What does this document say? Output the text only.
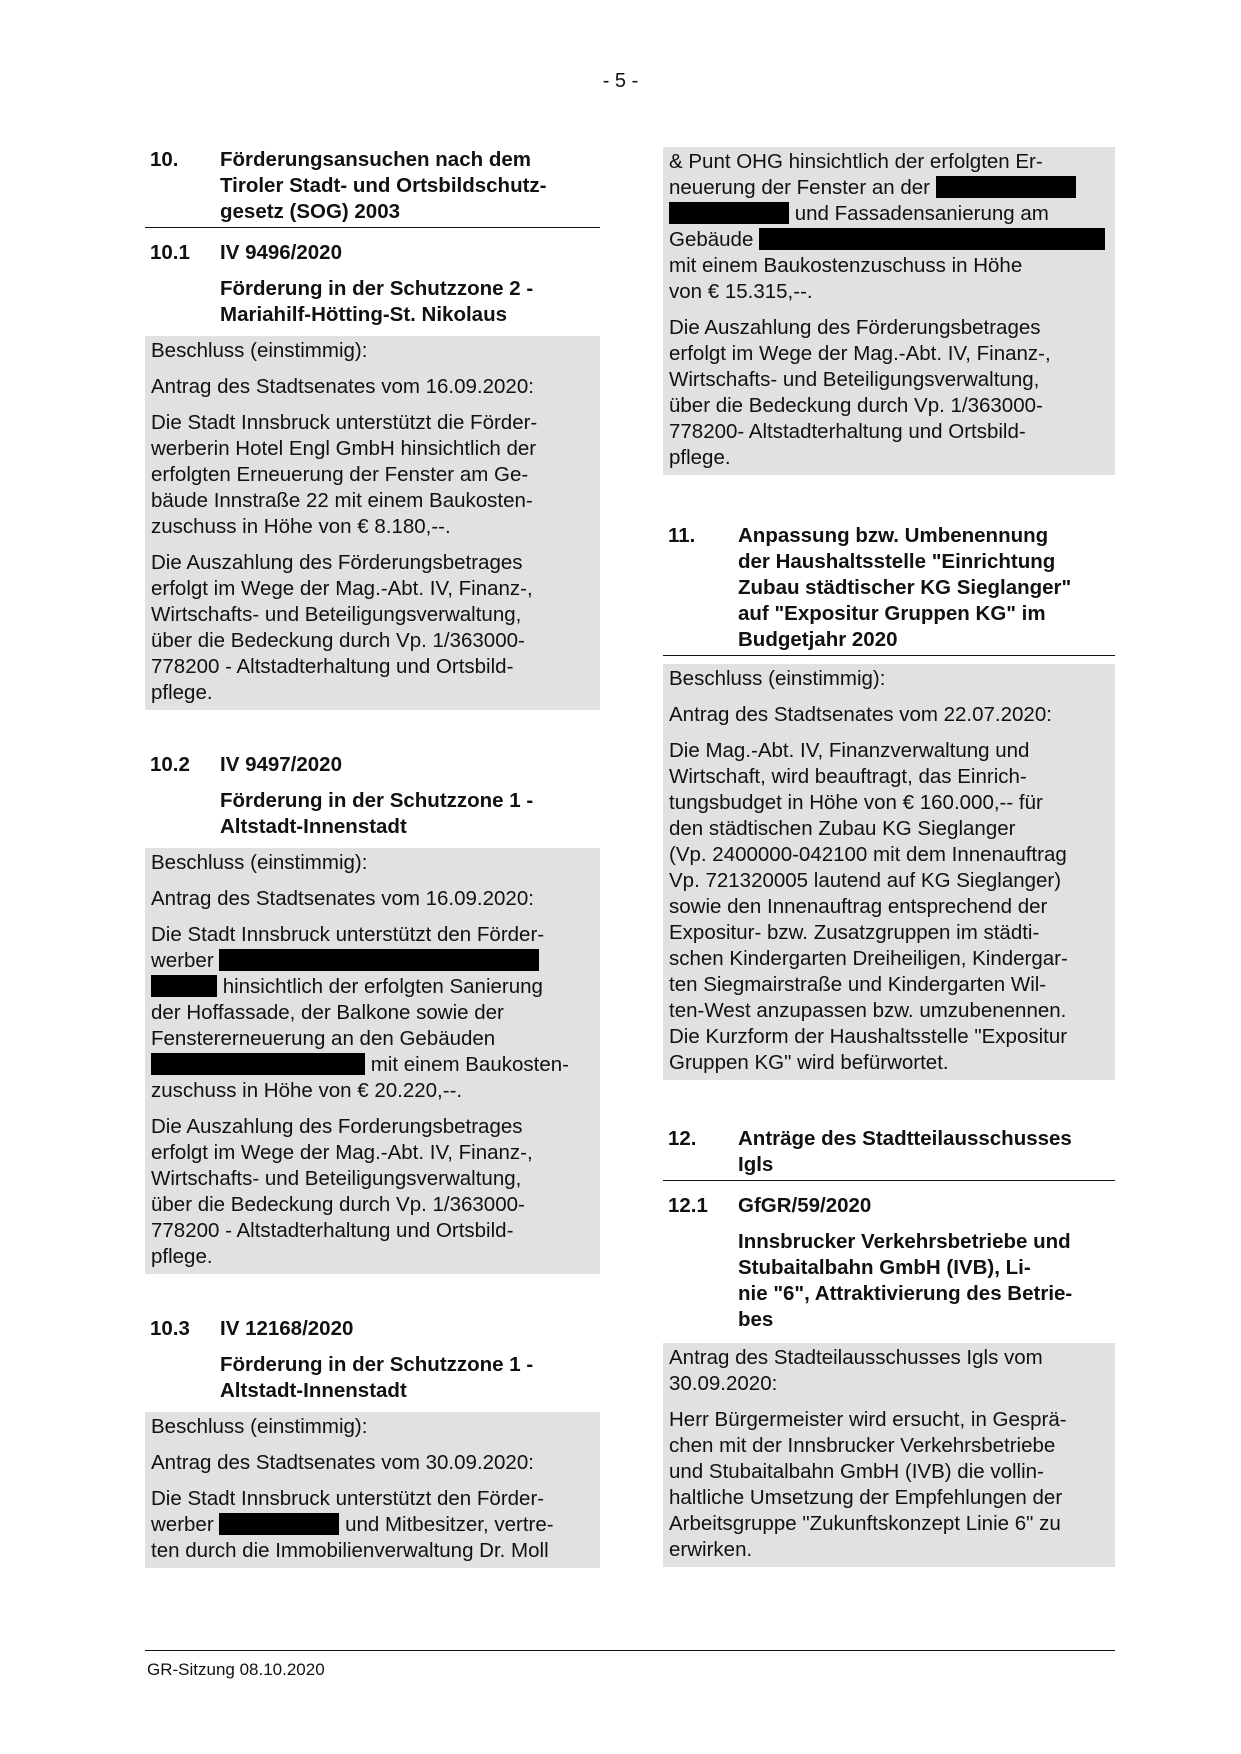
- 5 -
10. Förderungsansuchen nach dem
Tiroler Stadt- und Ortsbildschutz-
gesetz (SOG) 2003
10.1 IV 9496/2020
Förderung in der Schutzzone 2 -
Mariahilf-Hötting-St. Nikolaus

Beschluss (einstimmig):

Antrag des Stadtsenates vom 16.09.2020:

Die Stadt Innsbruck unterstützt die Förder-
werberin Hotel Engl GmbH hinsichtlich der
erfolgten Erneuerung der Fenster am Ge-
bäude Innstraße 22 mit einem Baukosten-
zuschuss in Höhe von € 8.180,--.

Die Auszahlung des Förderungsbetrages
erfolgt im Wege der Mag.-Abt. IV, Finanz-,
Wirtschafts- und Beteiligungsverwaltung,
über die Bedeckung durch Vp. 1/363000-
778200 - Altstadterhaltung und Ortsbild-
pflege.

10.2 IV 9497/2020
Förderung in der Schutzzone 1 -
Altstadt-Innenstadt

Beschluss (einstimmig):

Antrag des Stadtsenates vom 16.09.2020:

Die Stadt Innsbruck unterstützt den Förder-
werber
hinsichtlich der erfolgten Sanierung
der Hoffassade, der Balkone sowie der
Fenstererneuerung an den Gebäuden
mit einem Baukosten-
zuschuss in Höhe von € 20.220,--.

Die Auszahlung des Forderungsbetrages
erfolgt im Wege der Mag.-Abt. IV, Finanz-,
Wirtschafts- und Beteiligungsverwaltung,
über die Bedeckung durch Vp. 1/363000-
778200 - Altstadterhaltung und Ortsbild-
pflege.

10.3 IV 12168/2020
Förderung in der Schutzzone 1 -
Altstadt-Innenstadt

Beschluss (einstimmig):

Antrag des Stadtsenates vom 30.09.2020:

Die Stadt Innsbruck unterstützt den Förder-
werber	und Mitbesitzer, vertre-
ten durch die Immobilienverwaltung Dr. Moll

& Punt OHG hinsichtlich der erfolgten Er-
neuerung der Fenster an der
und Fassadensanierung am
Gebäude
mit einem Baukostenzuschuss in Höhe
von € 15.315,--.

Die Auszahlung des Förderungsbetrages
erfolgt im Wege der Mag.-Abt. IV, Finanz-,
Wirtschafts- und Beteiligungsverwaltung,
über die Bedeckung durch Vp. 1/363000-
778200- Altstadterhaltung und Ortsbild-
pflege.

11. Anpassung bzw. Umbenennung
der Haushaltsstelle "Einrichtung
Zubau städtischer KG Sieglanger"
auf "Expositur Gruppen KG" im
Budgetjahr 2020

Beschluss (einstimmig):

Antrag des Stadtsenates vom 22.07.2020:

Die Mag.-Abt. IV, Finanzverwaltung und
Wirtschaft, wird beauftragt, das Einrich-
tungsbudget in Höhe von € 160.000,-- für
den städtischen Zubau KG Sieglanger
(Vp. 2400000-042100 mit dem Innenauftrag
Vp. 721320005 lautend auf KG Sieglanger)
sowie den Innenauftrag entsprechend der
Expositur- bzw. Zusatzgruppen im städti-
schen Kindergarten Dreiheiligen, Kindergar-
ten Siegmairstraße und Kindergarten Wil-
ten-West anzupassen bzw. umzubenennen.
Die Kurzform der Haushaltsstelle "Expositur
Gruppen KG" wird befürwortet.

12. Anträge des Stadtteilausschusses
Igls
12.1 GfGR/59/2020
Innsbrucker Verkehrsbetriebe und
Stubaitalbahn GmbH (IVB), Li-
nie "6", Attraktivierung des Betrie-
bes

Antrag des Stadteilausschusses Igls vom
30.09.2020:

Herr Bürgermeister wird ersucht, in Gesprä-
chen mit der Innsbrucker Verkehrsbetriebe
und Stubaitalbahn GmbH (IVB) die vollin-
haltliche Umsetzung der Empfehlungen der
Arbeitsgruppe "Zukunftskonzept Linie 6" zu
erwirken.

GR-Sitzung 08.10.2020
